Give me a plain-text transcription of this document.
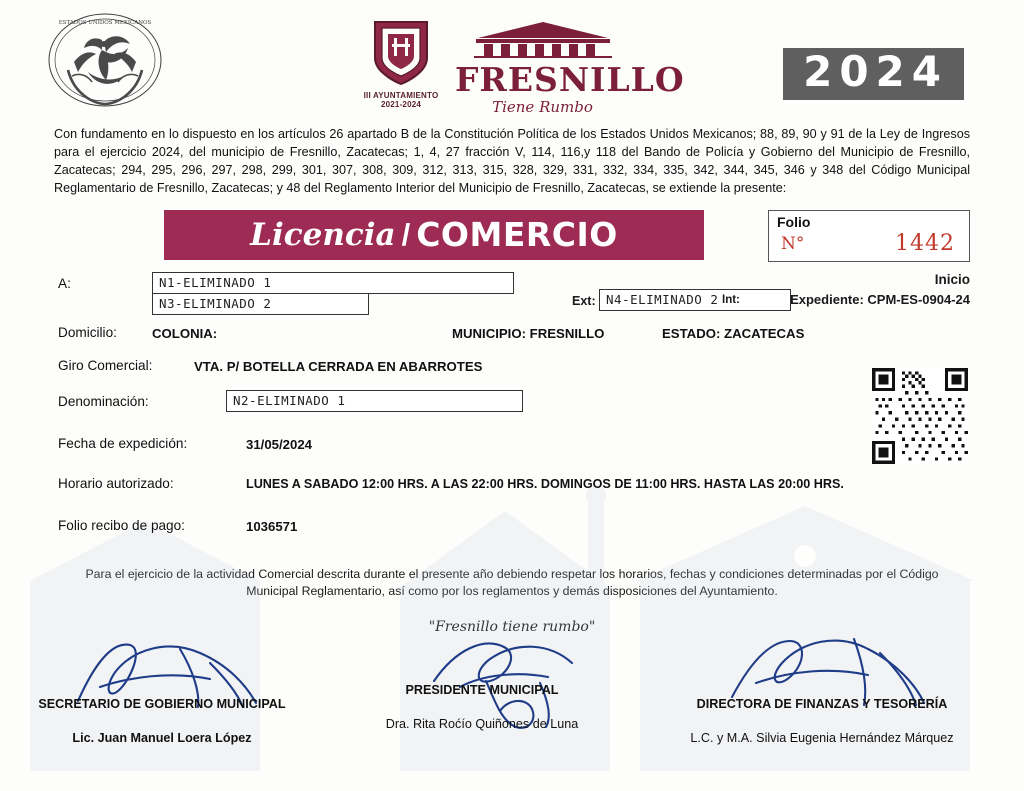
ESTADOS UNIDOS MEXICANOS
III AYUNTAMIENTO
2021-2024
FRESNILLO
Tiene Rumbo
2024
Con fundamento en lo dispuesto en los artículos 26 apartado B de la Constitución Política de los Estados Unidos Mexicanos; 88, 89, 90 y 91 de la Ley de Ingresos para el ejercicio 2024, del municipio de Fresnillo, Zacatecas; 1, 4, 27 fracción V, 114, 116,y 118 del Bando de Policía y Gobierno del Municipio de Fresnillo, Zacatecas; 294, 295, 296, 297, 298, 299, 301, 307, 308, 309, 312, 313, 315, 328, 329, 331, 332, 334, 335, 342, 344, 345, 346 y 348 del Código Municipal Reglamentario de Fresnillo, Zacatecas; y 48 del Reglamento Interior del Municipio de Fresnillo, Zacatecas, se extiende la presente:
Licencia / COMERCIO	Folio
N°	1442
A:	N1-ELIMINADO 1
N3-ELIMINADO 2	Ext: N4-ELIMINADO 2 Int:
Inicio
Expediente: CPM-ES-0904-24
Domicilio:	COLONIA:	MUNICIPIO: FRESNILLO	ESTADO: ZACATECAS
Giro Comercial:	VTA. P/ BOTELLA CERRADA EN ABARROTES
Denominación:	N2-ELIMINADO 1
Fecha de expedición:	31/05/2024
Horario autorizado:	LUNES A SABADO 12:00 HRS. A LAS 22:00 HRS. DOMINGOS DE 11:00 HRS. HASTA LAS 20:00 HRS.
Folio recibo de pago:	1036571
Para el ejercicio de la actividad Comercial descrita durante el presente año debiendo respetar los horarios, fechas y condiciones determinadas por el Código Municipal Reglamentario, así como por los reglamentos y demás disposiciones del Ayuntamiento.
"Fresnillo tiene rumbo"
SECRETARIO DE GOBIERNO MUNICIPAL
Lic. Juan Manuel Loera López
PRESIDENTE MUNICIPAL
Dra. Rita Roćío Quiñones de Luna
DIRECTORA DE FINANZAS Y TESORERÍA
L.C. y M.A. Silvia Eugenia Hernández Márquez
